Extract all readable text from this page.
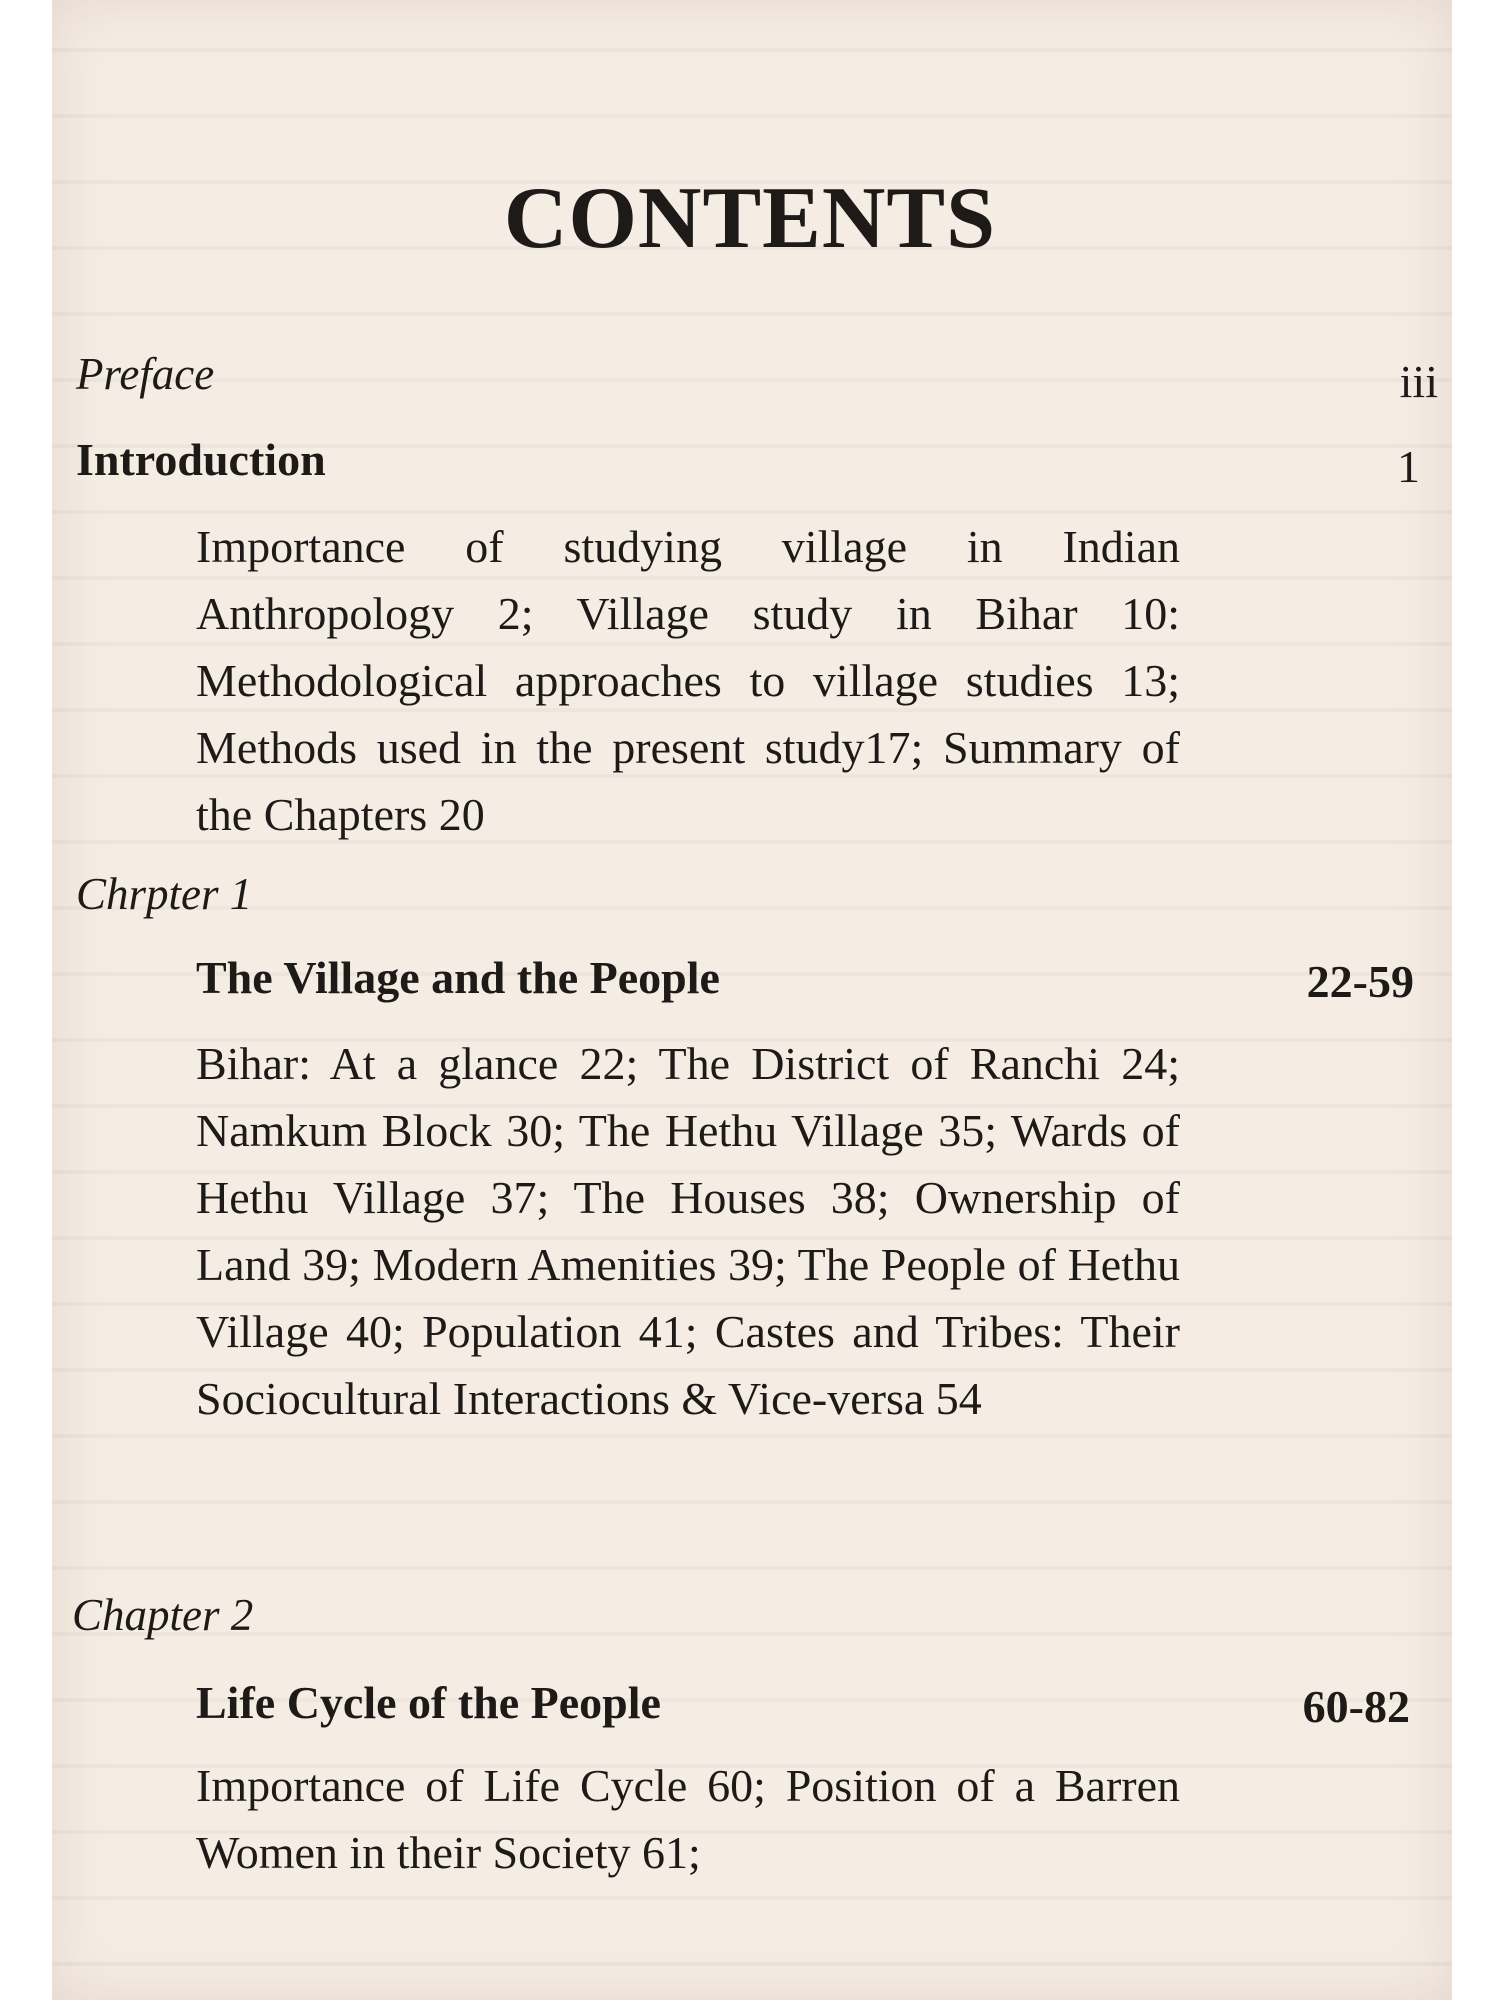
CONTENTS
Preface	iii
Introduction	1
Importance of studying village in Indian Anthropology 2; Village study in Bihar 10: Methodological approaches to village studies 13; Methods used in the present study17; Summary of the Chapters 20
Chrpter 1
The Village and the People	22-59
Bihar: At a glance 22; The District of Ranchi 24; Namkum Block 30; The Hethu Village 35; Wards of Hethu Village 37; The Houses 38; Ownership of Land 39; Modern Amenities 39; The People of Hethu Village 40; Population 41; Castes and Tribes: Their Sociocultural Interactions & Vice-versa 54
Chapter 2
Life Cycle of the People	60-82
Importance of Life Cycle 60; Position of a Barren Women in their Society 61;
